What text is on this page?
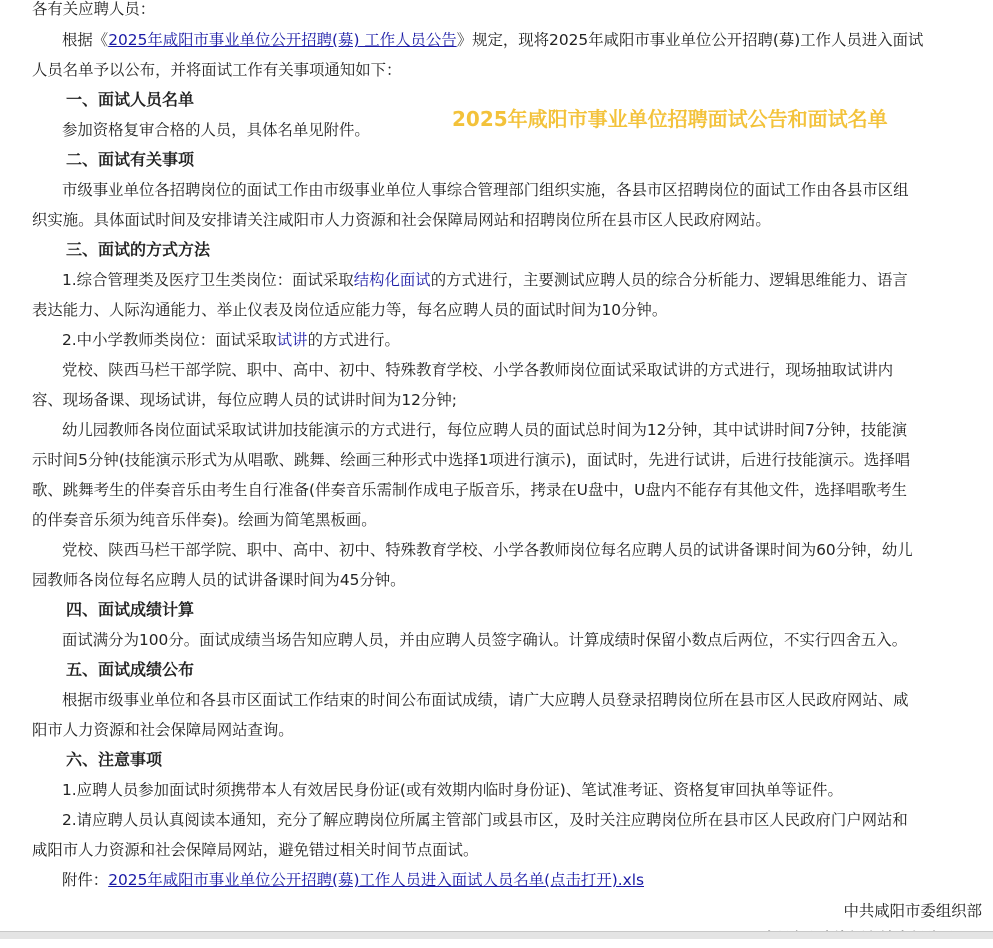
各有关应聘人员：
根据《2025年咸阳市事业单位公开招聘(募) 工作人员公告》规定，现将2025年咸阳市事业单位公开招聘(募)工作人员进入面试
人员名单予以公布，并将面试工作有关事项通知如下：
一、面试人员名单
2025年咸阳市事业单位招聘面试公告和面试名单
参加资格复审合格的人员，具体名单见附件。
二、面试有关事项
市级事业单位各招聘岗位的面试工作由市级事业单位人事综合管理部门组织实施，各县市区招聘岗位的面试工作由各县市区组
织实施。具体面试时间及安排请关注咸阳市人力资源和社会保障局网站和招聘岗位所在县市区人民政府网站。
三、面试的方式方法
1.综合管理类及医疗卫生类岗位：面试采取结构化面试的方式进行，主要测试应聘人员的综合分析能力、逻辑思维能力、语言
表达能力、人际沟通能力、举止仪表及岗位适应能力等，每名应聘人员的面试时间为10分钟。
2.中小学教师类岗位：面试采取试讲的方式进行。
党校、陕西马栏干部学院、职中、高中、初中、特殊教育学校、小学各教师岗位面试采取试讲的方式进行，现场抽取试讲内
容、现场备课、现场试讲，每位应聘人员的试讲时间为12分钟;
幼儿园教师各岗位面试采取试讲加技能演示的方式进行，每位应聘人员的面试总时间为12分钟，其中试讲时间7分钟，技能演
示时间5分钟(技能演示形式为从唱歌、跳舞、绘画三种形式中选择1项进行演示)，面试时，先进行试讲，后进行技能演示。选择唱
歌、跳舞考生的伴奏音乐由考生自行准备(伴奏音乐需制作成电子版音乐，拷录在U盘中，U盘内不能存有其他文件，选择唱歌考生
的伴奏音乐须为纯音乐伴奏)。绘画为简笔黑板画。
党校、陕西马栏干部学院、职中、高中、初中、特殊教育学校、小学各教师岗位每名应聘人员的试讲备课时间为60分钟，幼儿
园教师各岗位每名应聘人员的试讲备课时间为45分钟。
四、面试成绩计算
面试满分为100分。面试成绩当场告知应聘人员，并由应聘人员签字确认。计算成绩时保留小数点后两位，不实行四舍五入。
五、面试成绩公布
根据市级事业单位和各县市区面试工作结束的时间公布面试成绩，请广大应聘人员登录招聘岗位所在县市区人民政府网站、咸
阳市人力资源和社会保障局网站查询。
六、注意事项
1.应聘人员参加面试时须携带本人有效居民身份证(或有效期内临时身份证)、笔试准考证、资格复审回执单等证件。
2.请应聘人员认真阅读本通知，充分了解应聘岗位所属主管部门或县市区，及时关注应聘岗位所在县市区人民政府门户网站和
咸阳市人力资源和社会保障局网站，避免错过相关时间节点面试。
附件：2025年咸阳市事业单位公开招聘(募)工作人员进入面试人员名单(点击打开).xls
中共咸阳市委组织部
